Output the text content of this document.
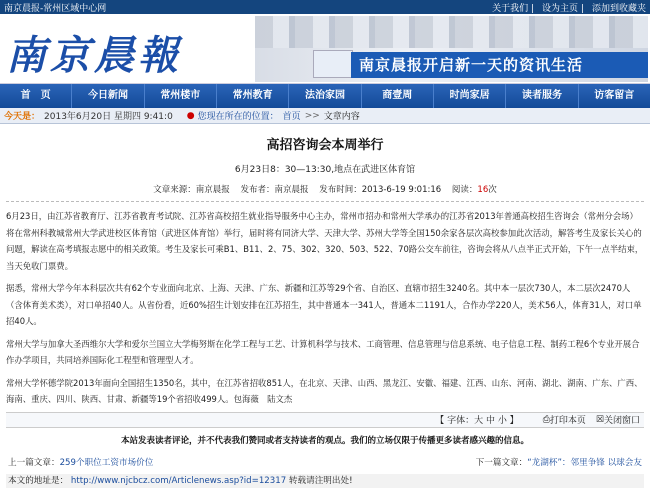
南京晨报-常州区域中心网	关于我们 | 设为主页 | 添加到收藏夹
南京晨報	南京晨报开启新一天的资讯生活
首　页	今日新闻	常州楼市	常州教育	法治家园	商壹周	时尚家居	读者服务	访客留言
今天是： 2013年6月20日 星期四 9:41:0 ● 您现在所在的位置： 首页 >> 文章内容
高招咨询会本周举行
6月23日8：30—13:30,地点在武进区体育馆
文章来源：南京晨报 发布者：南京晨报 发布时间：2013-6-19 9:01:16 阅读：16次

6月23日，由江苏省教育厅、江苏省教育考试院、江苏省高校招生就业指导服务中心主办，常州市招办和常州大学承办的江苏省2013年普通高校招生咨询会（常州分会场）将在常州科教城常州大学武进校区体育馆（武进区体育馆）举行，届时将有同济大学、天津大学、苏州大学等全国150余家各层次高校参加此次活动，解答考生及家长关心的问题，解读在高考填报志愿中的相关政策。考生及家长可乘B1、B11、2、75、302、320、503、522、70路公交车前往，咨询会将从八点半正式开始，下午一点半结束，当天免收门票费。

据悉，常州大学今年本科层次共有62个专业面向北京、上海、天津、广东、新疆和江苏等29个省、自治区、直辖市招生3240名。其中本一层次730人，本二层次2470人（含体育美术类），对口单招40人。从省份看，近60%招生计划安排在江苏招生，其中普通本一341人，普通本二1191人，合作办学220人，美术56人，体育31人，对口单招40人。

常州大学与加拿大圣西维尔大学和爱尔兰国立大学梅努斯在化学工程与工艺、计算机科学与技术、工商管理、信息管理与信息系统、电子信息工程、制药工程6个专业开展合作办学项目，共同培养国际化工程型和管理型人才。

常州大学怀德学院2013年面向全国招生1350名，其中，在江苏省招收851人，在北京、天津、山西、黑龙江、安徽、福建、江西、山东、河南、湖北、湖南、广东、广西、海南、重庆、四川、陕西、甘肃、新疆等19个省招收499人。包海薇　陆文杰

【 字体：大 中 小 】	⎙ 打印本页 ☒ 关闭窗口
本站发表读者评论，并不代表我们赞同或者支持读者的观点。我们的立场仅限于传播更多读者感兴趣的信息。
上一篇文章：259个职位工资市场价位	下一篇文章：“龙湖杯”：邻里争锋 以球会友
本文的地址是： http://www.njcbcz.com/Articlenews.asp?id=12317 转载请注明出处!
